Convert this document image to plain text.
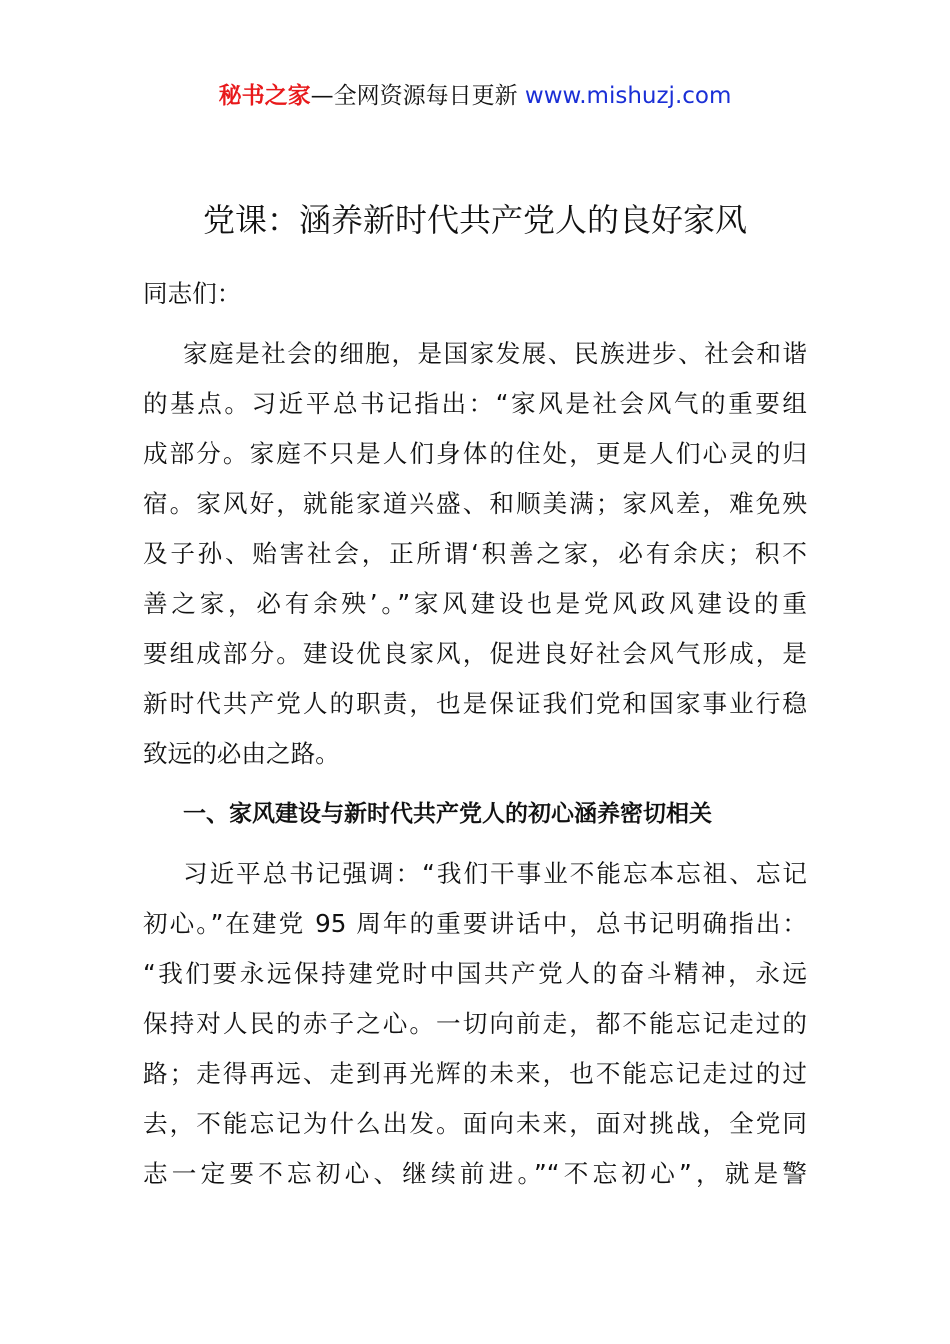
秘书之家—全网资源每日更新 www.mishuzj.com
党课：涵养新时代共产党人的良好家风
同志们：
家庭是社会的细胞，是国家发展、民族进步、社会和谐
的基点。习近平总书记指出：“家风是社会风气的重要组
成部分。家庭不只是人们身体的住处，更是人们心灵的归
宿。家风好，就能家道兴盛、和顺美满；家风差，难免殃
及子孙、贻害社会，正所谓‘积善之家，必有余庆；积不
善之家，必有余殃’。”家风建设也是党风政风建设的重
要组成部分。建设优良家风，促进良好社会风气形成，是
新时代共产党人的职责，也是保证我们党和国家事业行稳
致远的必由之路。
一、家风建设与新时代共产党人的初心涵养密切相关
习近平总书记强调：“我们干事业不能忘本忘祖、忘记
初心。”在建党 95 周年的重要讲话中，总书记明确指出：
“我们要永远保持建党时中国共产党人的奋斗精神，永远
保持对人民的赤子之心。一切向前走，都不能忘记走过的
路；走得再远、走到再光辉的未来，也不能忘记走过的过
去，不能忘记为什么出发。面向未来，面对挑战，全党同
志一定要不忘初心、继续前进。”“不忘初心”，就是警
